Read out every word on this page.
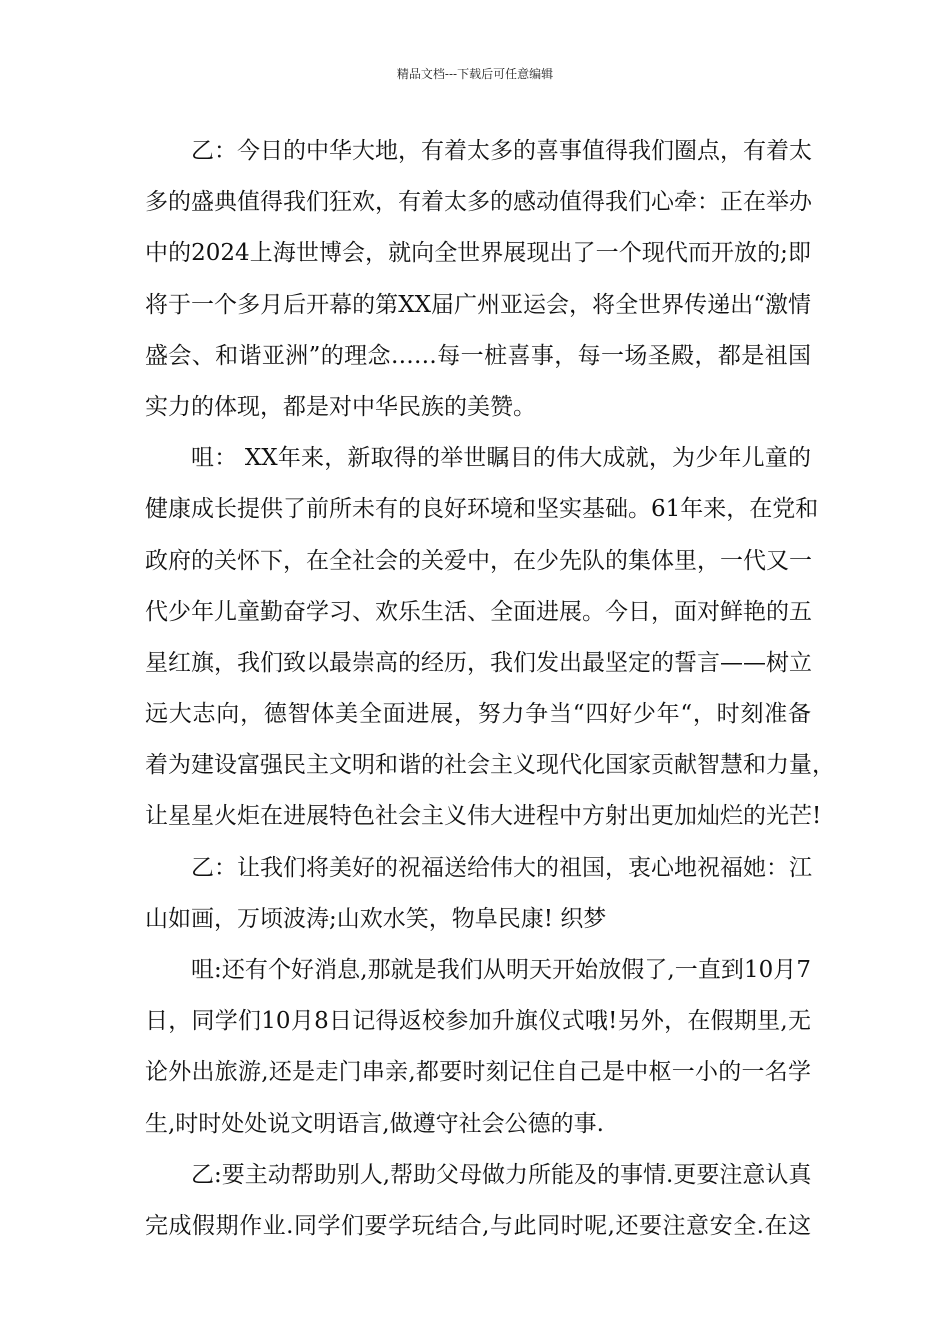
精品文档---下载后可任意编辑
乙：今日的中华大地，有着太多的喜事值得我们圈点，有着太
多的盛典值得我们狂欢，有着太多的感动值得我们心牵：正在举办
中的2024上海世博会，就向全世界展现出了一个现代而开放的;即
将于一个多月后开幕的第XX届广州亚运会，将全世界传递出“激情
盛会、和谐亚洲”的理念……每一桩喜事，每一场圣殿，都是祖国
实力的体现，都是对中华民族的美赞。
咀： XX年来，新取得的举世瞩目的伟大成就，为少年儿童的
健康成长提供了前所未有的良好环境和坚实基础。61年来，在党和
政府的关怀下，在全社会的关爱中，在少先队的集体里，一代又一
代少年儿童勤奋学习、欢乐生活、全面进展。今日，面对鲜艳的五
星红旗，我们致以最崇高的经历，我们发出最坚定的誓言——树立
远大志向，德智体美全面进展，努力争当“四好少年“，时刻准备
着为建设富强民主文明和谐的社会主义现代化国家贡献智慧和力量，
让星星火炬在进展特色社会主义伟大进程中方射出更加灿烂的光芒!
乙：让我们将美好的祝福送给伟大的祖国，衷心地祝福她：江
山如画，万顷波涛;山欢水笑，物阜民康! 织梦
咀:还有个好消息,那就是我们从明天开始放假了,一直到10月7
日，同学们10月8日记得返校参加升旗仪式哦!另外，在假期里,无
论外出旅游,还是走门串亲,都要时刻记住自己是中枢一小的一名学
生,时时处处说文明语言,做遵守社会公德的事.
乙:要主动帮助别人,帮助父母做力所能及的事情.更要注意认真
完成假期作业.同学们要学玩结合,与此同时呢,还要注意安全.在这
